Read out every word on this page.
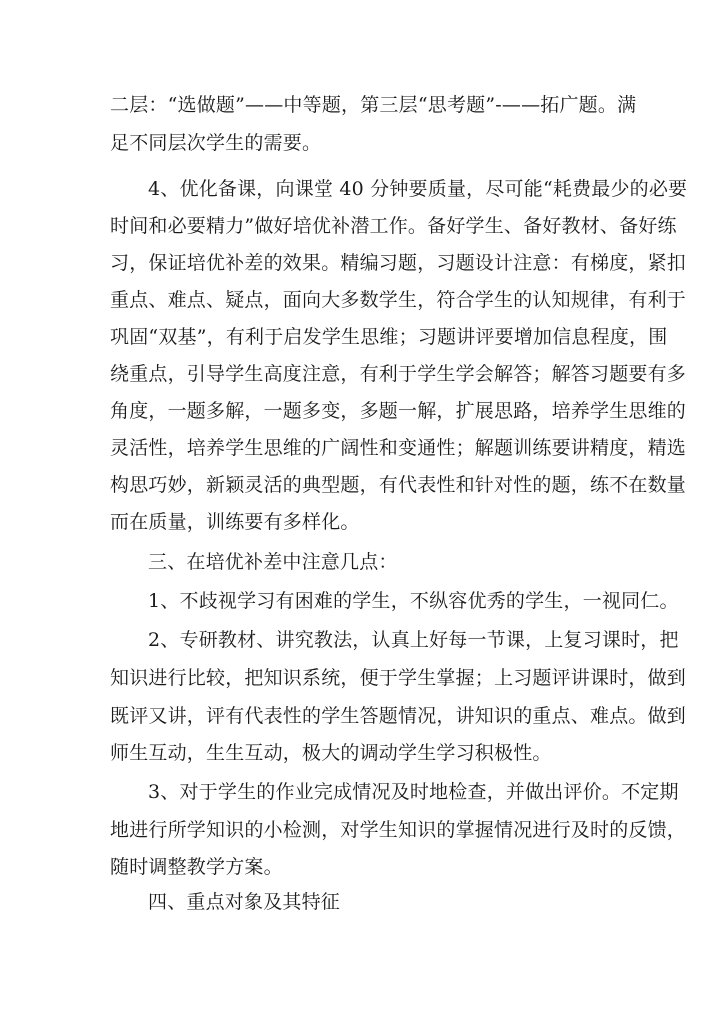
二层：“选做题”——中等题，第三层“思考题”-——拓广题。满
足不同层次学生的需要。
4、优化备课，向课堂 40 分钟要质量，尽可能“耗费最少的必要
时间和必要精力”做好培优补潜工作。备好学生、备好教材、备好练
习，保证培优补差的效果。精编习题，习题设计注意：有梯度，紧扣
重点、难点、疑点，面向大多数学生，符合学生的认知规律，有利于
巩固“双基”，有利于启发学生思维；习题讲评要增加信息程度，围
绕重点，引导学生高度注意，有利于学生学会解答；解答习题要有多
角度，一题多解，一题多变，多题一解，扩展思路，培养学生思维的
灵活性，培养学生思维的广阔性和变通性；解题训练要讲精度，精选
构思巧妙，新颖灵活的典型题，有代表性和针对性的题，练不在数量
而在质量，训练要有多样化。
三、在培优补差中注意几点：
1、不歧视学习有困难的学生，不纵容优秀的学生，一视同仁。
2、专研教材、讲究教法，认真上好每一节课，上复习课时，把
知识进行比较，把知识系统，便于学生掌握；上习题评讲课时，做到
既评又讲，评有代表性的学生答题情况，讲知识的重点、难点。做到
师生互动，生生互动，极大的调动学生学习积极性。
3、对于学生的作业完成情况及时地检查，并做出评价。不定期
地进行所学知识的小检测，对学生知识的掌握情况进行及时的反馈，
随时调整教学方案。
四、重点对象及其特征
